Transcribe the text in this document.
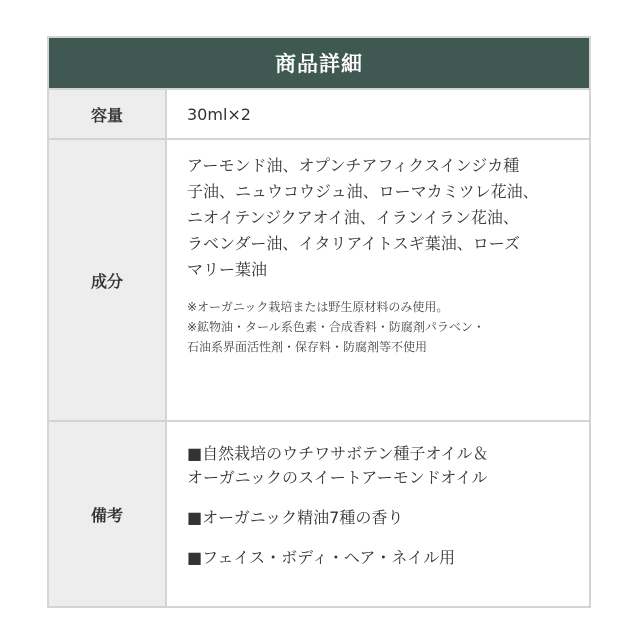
商品詳細
容量	30ml×2
成分
アーモンド油、オプンチアフィクスインジカ種
子油、ニュウコウジュ油、ローマカミツレ花油、
ニオイテンジクアオイ油、イランイラン花油、
ラベンダー油、イタリアイトスギ葉油、ローズ
マリー葉油
※オーガニック栽培または野生原材料のみ使用。
※鉱物油・タール系色素・合成香料・防腐剤パラベン・
石油系界面活性剤・保存料・防腐剤等不使用
備考
■自然栽培のウチワサボテン種子オイル＆
オーガニックのスイートアーモンドオイル
■オーガニック精油7種の香り
■フェイス・ボディ・ヘア・ネイル用
